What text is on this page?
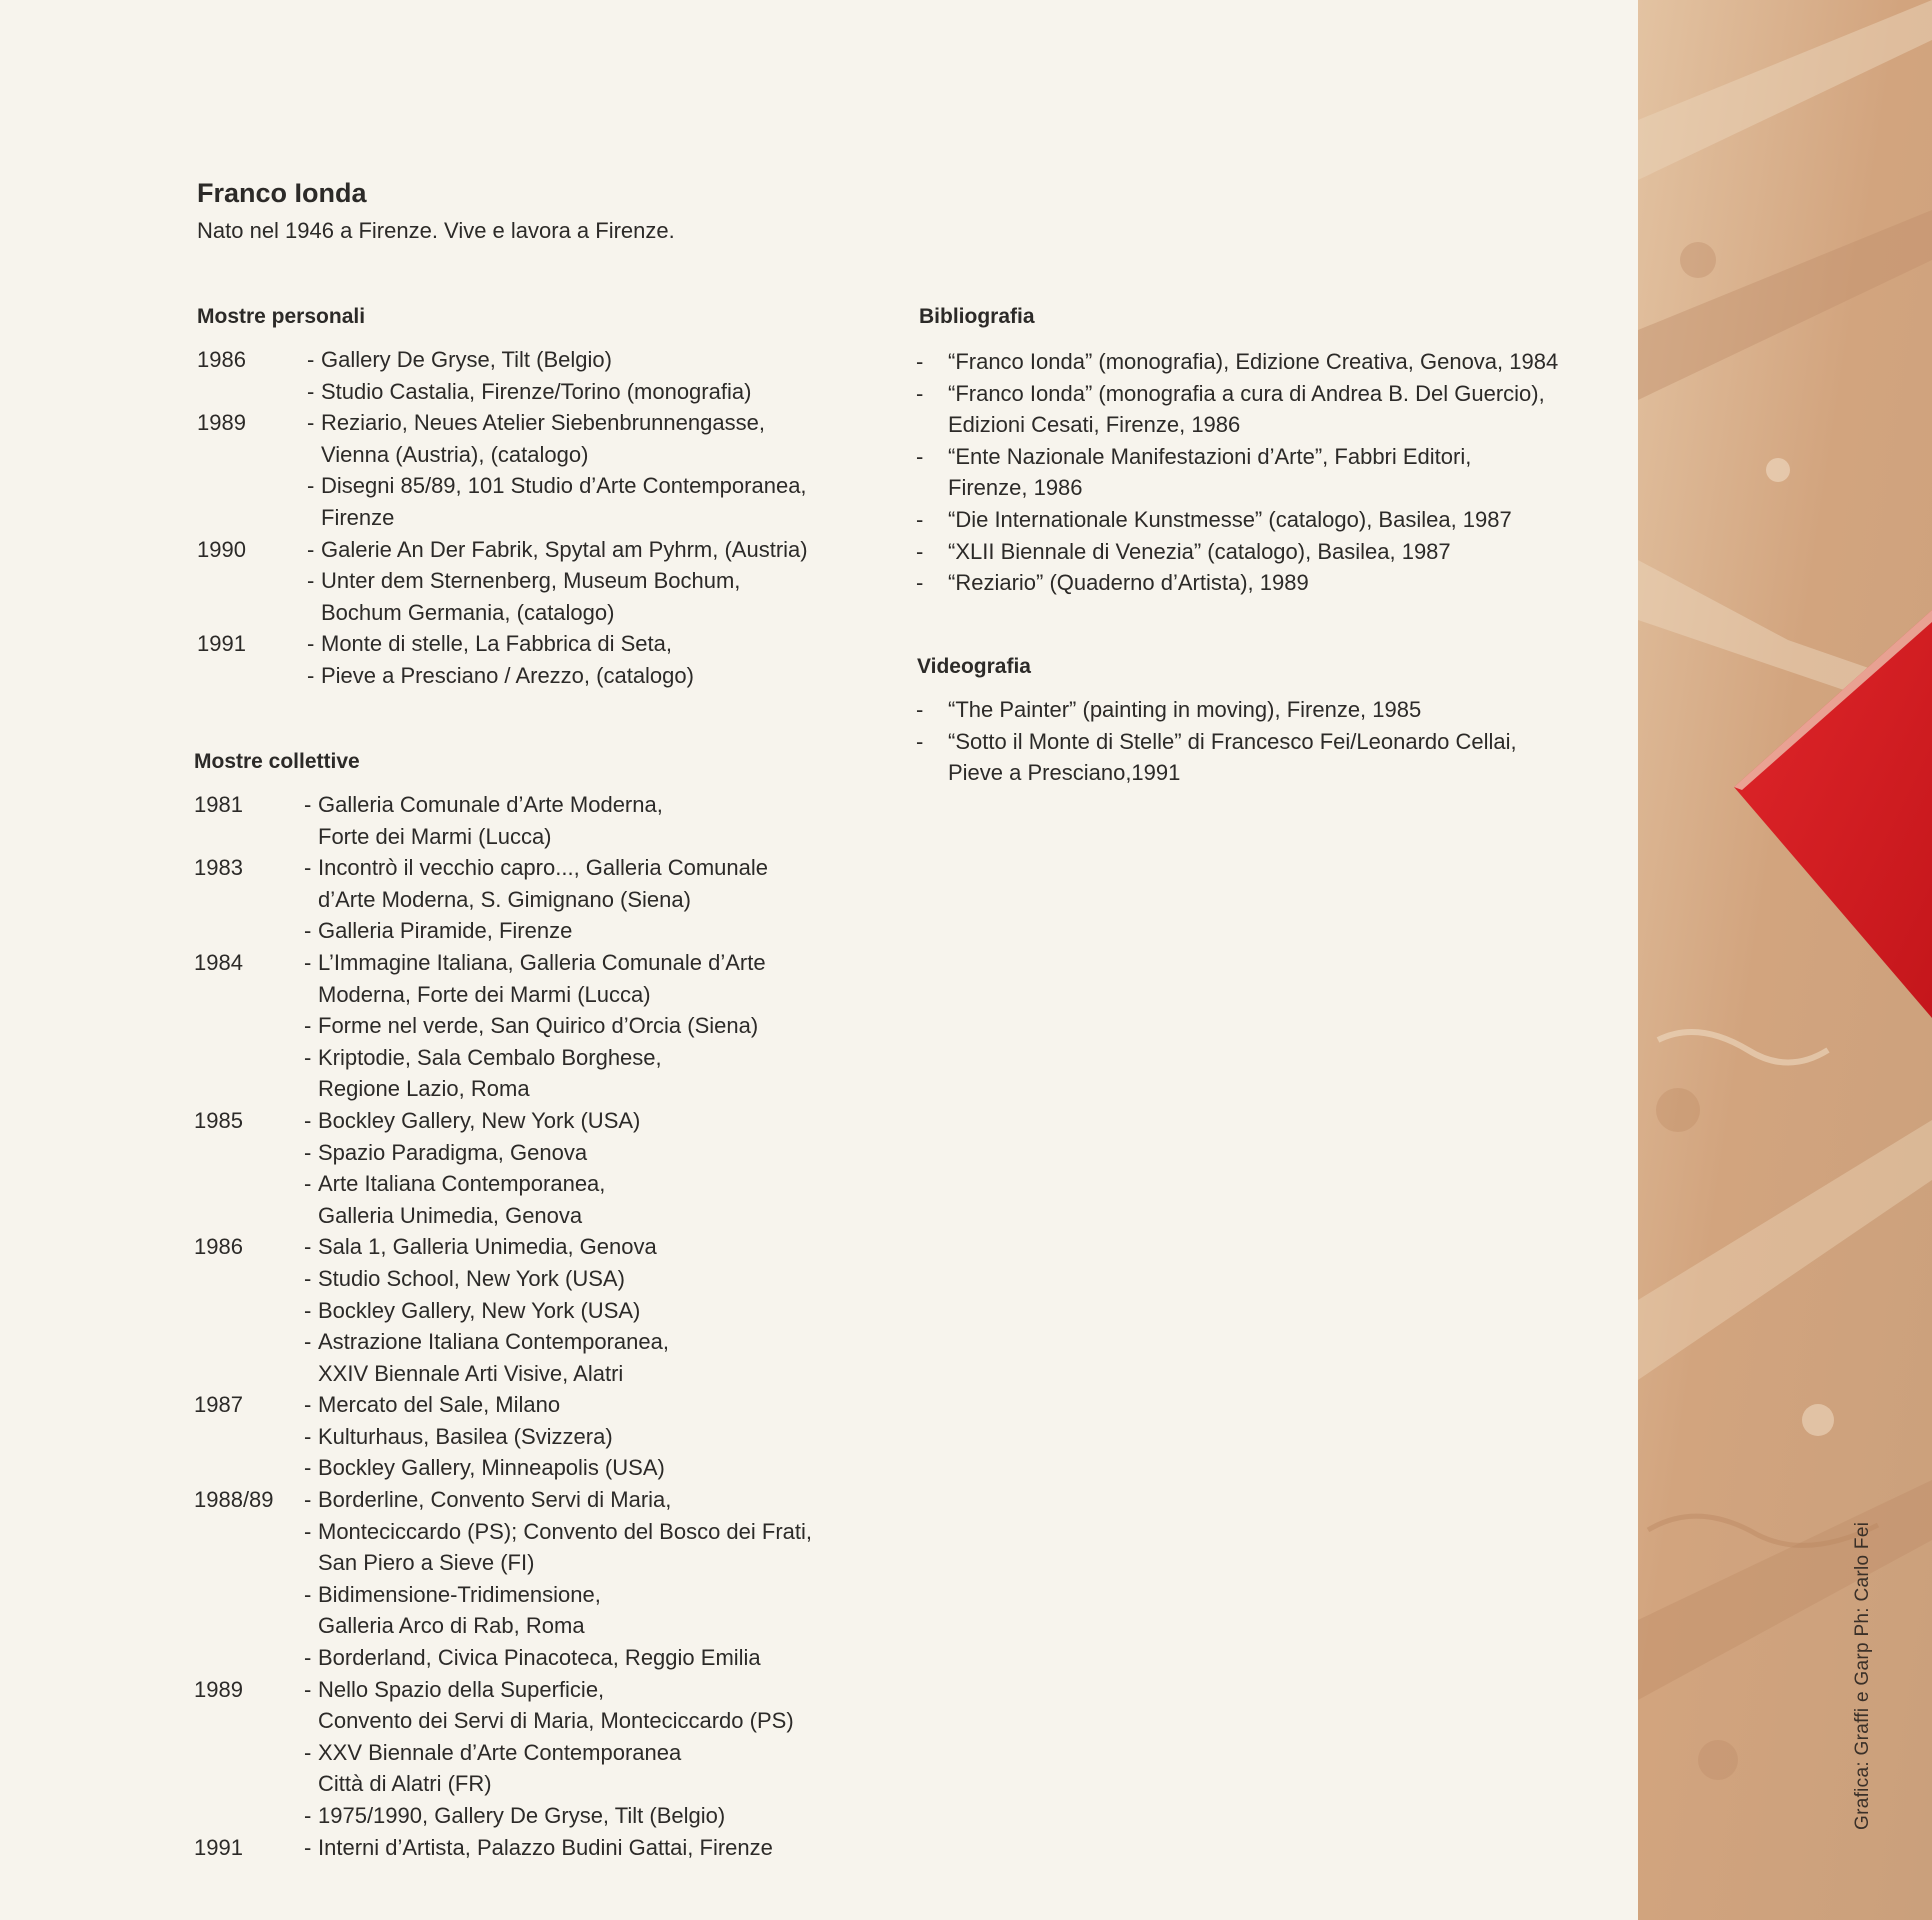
Grafica: Graffi e Garp Ph: Carlo Fei
Franco Ionda
Nato nel 1946 a Firenze. Vive e lavora a Firenze.
Mostre personali
1986	- Gallery De Gryse, Tilt (Belgio)
- Studio Castalia, Firenze/Torino (monografia)
1989	- Reziario, Neues Atelier Siebenbrunnengasse,
Vienna (Austria), (catalogo)
- Disegni 85/89, 101 Studio d’Arte Contemporanea,
Firenze
1990	- Galerie An Der Fabrik, Spytal am Pyhrm, (Austria)
- Unter dem Sternenberg, Museum Bochum,
Bochum Germania, (catalogo)
1991	- Monte di stelle, La Fabbrica di Seta,
- Pieve a Presciano / Arezzo, (catalogo)
Mostre collettive
1981	- Galleria Comunale d’Arte Moderna,
Forte dei Marmi (Lucca)
1983	- Incontrò il vecchio capro..., Galleria Comunale
d’Arte Moderna, S. Gimignano (Siena)
- Galleria Piramide, Firenze
1984	- L’Immagine Italiana, Galleria Comunale d’Arte
Moderna, Forte dei Marmi (Lucca)
- Forme nel verde, San Quirico d’Orcia (Siena)
- Kriptodie, Sala Cembalo Borghese,
Regione Lazio, Roma
1985	- Bockley Gallery, New York (USA)
- Spazio Paradigma, Genova
- Arte Italiana Contemporanea,
Galleria Unimedia, Genova
1986	- Sala 1, Galleria Unimedia, Genova
- Studio School, New York (USA)
- Bockley Gallery, New York (USA)
- Astrazione Italiana Contemporanea,
XXIV Biennale Arti Visive, Alatri
1987	- Mercato del Sale, Milano
- Kulturhaus, Basilea (Svizzera)
- Bockley Gallery, Minneapolis (USA)
1988/89	- Borderline, Convento Servi di Maria,
- Monteciccardo (PS); Convento del Bosco dei Frati,
San Piero a Sieve (FI)
- Bidimensione-Tridimensione,
Galleria Arco di Rab, Roma
- Borderland, Civica Pinacoteca, Reggio Emilia
1989	- Nello Spazio della Superficie,
Convento dei Servi di Maria, Monteciccardo (PS)
- XXV Biennale d’Arte Contemporanea
Città di Alatri (FR)
- 1975/1990, Gallery De Gryse, Tilt (Belgio)
1991	- Interni d’Artista, Palazzo Budini Gattai, Firenze
Bibliografia
-	“Franco Ionda” (monografia), Edizione Creativa, Genova, 1984
-	“Franco Ionda” (monografia a cura di Andrea B. Del Guercio),
Edizioni Cesati, Firenze, 1986
-	“Ente Nazionale Manifestazioni d’Arte”, Fabbri Editori,
Firenze, 1986
-	“Die Internationale Kunstmesse” (catalogo), Basilea, 1987
-	“XLII Biennale di Venezia” (catalogo), Basilea, 1987
-	“Reziario” (Quaderno d’Artista), 1989
Videografia
-	“The Painter” (painting in moving), Firenze, 1985
-	“Sotto il Monte di Stelle” di Francesco Fei/Leonardo Cellai,
Pieve a Presciano,1991
